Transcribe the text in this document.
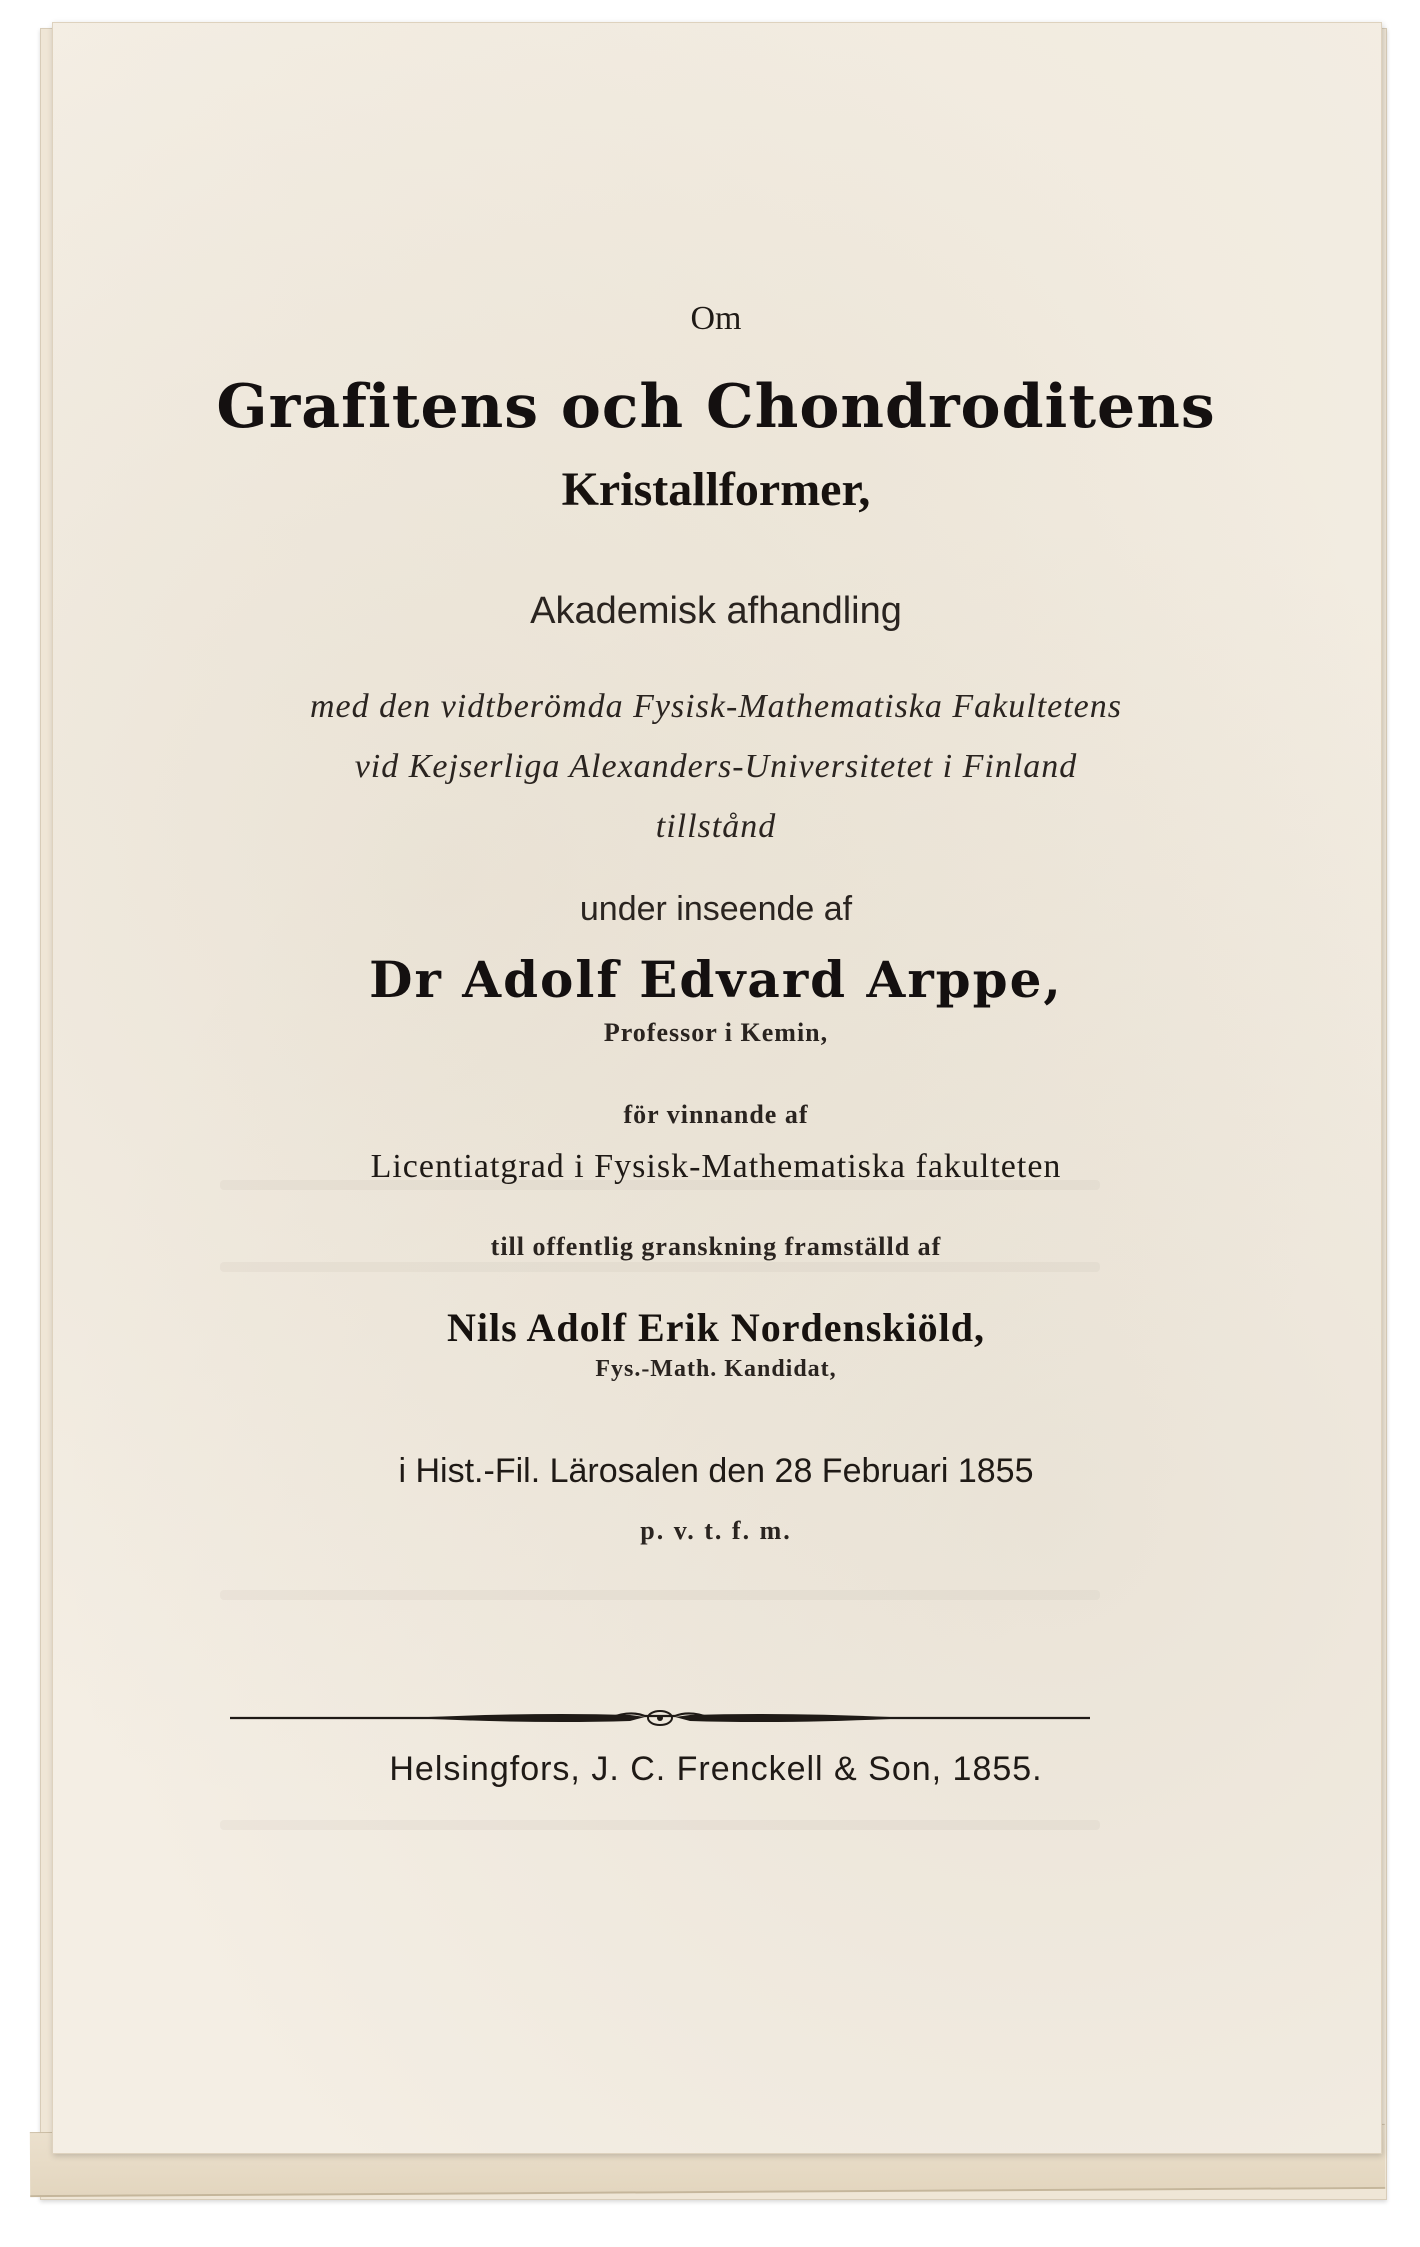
Om
Grafitens och Chondroditens
Kristallformer,
Akademisk afhandling
med den vidtberömda Fysisk-Mathematiska Fakultetens
vid Kejserliga Alexanders-Universitetet i Finland
tillstånd
under inseende af
Dr Adolf Edvard Arppe,
Professor i Kemin,
för vinnande af
Licentiatgrad i Fysisk-Mathematiska fakulteten
till offentlig granskning framställd af
Nils Adolf Erik Nordenskiöld,
Fys.-Math. Kandidat,
i Hist.-Fil. Lärosalen den 28 Februari 1855
p. v. t. f. m.
Helsingfors, J. C. Frenckell & Son, 1855.
